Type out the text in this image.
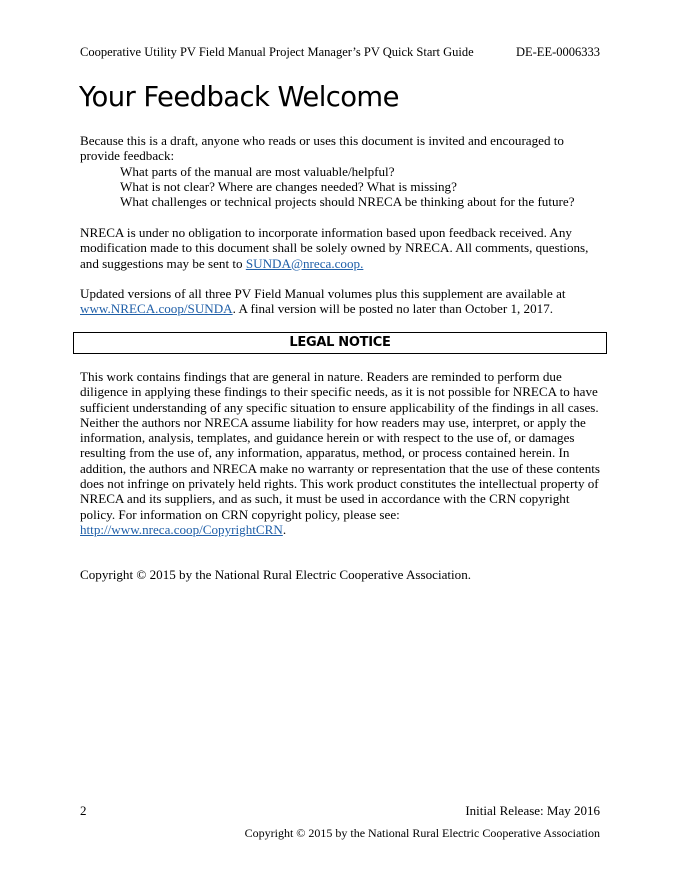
Cooperative Utility PV Field Manual Project Manager’s PV Quick Start Guide	DE-EE-0006333
Your Feedback Welcome
Because this is a draft, anyone who reads or uses this document is invited and encouraged to provide feedback:
What parts of the manual are most valuable/helpful?
What is not clear? Where are changes needed? What is missing?
What challenges or technical projects should NRECA be thinking about for the future?
NRECA is under no obligation to incorporate information based upon feedback received. Any modification made to this document shall be solely owned by NRECA. All comments, questions, and suggestions may be sent to SUNDA@nreca.coop.
Updated versions of all three PV Field Manual volumes plus this supplement are available at www.NRECA.coop/SUNDA. A final version will be posted no later than October 1, 2017.
LEGAL NOTICE
This work contains findings that are general in nature. Readers are reminded to perform due diligence in applying these findings to their specific needs, as it is not possible for NRECA to have sufficient understanding of any specific situation to ensure applicability of the findings in all cases. Neither the authors nor NRECA assume liability for how readers may use, interpret, or apply the information, analysis, templates, and guidance herein or with respect to the use of, or damages resulting from the use of, any information, apparatus, method, or process contained herein. In addition, the authors and NRECA make no warranty or representation that the use of these contents does not infringe on privately held rights. This work product constitutes the intellectual property of NRECA and its suppliers, and as such, it must be used in accordance with the CRN copyright policy. For information on CRN copyright policy, please see: http://www.nreca.coop/CopyrightCRN.
Copyright © 2015 by the National Rural Electric Cooperative Association.
2	Initial Release: May 2016
Copyright © 2015 by the National Rural Electric Cooperative Association
